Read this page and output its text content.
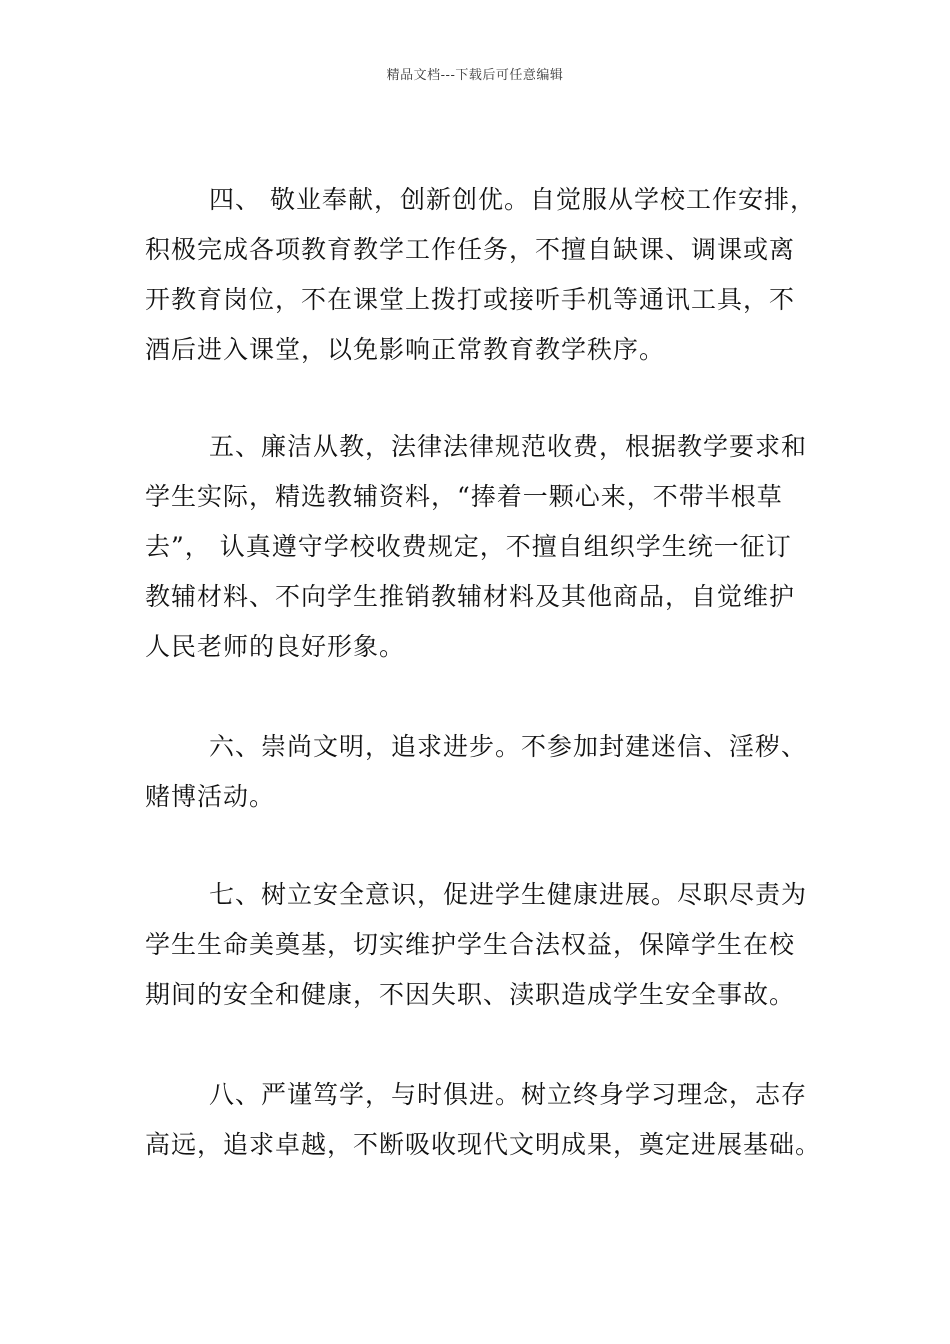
精品文档---下载后可任意编辑
四、 敬业奉献，创新创优。自觉服从学校工作安排，
积极完成各项教育教学工作任务，不擅自缺课、调课或离
开教育岗位，不在课堂上拨打或接听手机等通讯工具，不
酒后进入课堂，以免影响正常教育教学秩序。
五、廉洁从教，法律法律规范收费，根据教学要求和
学生实际，精选教辅资料，“捧着一颗心来，不带半根草
去”， 认真遵守学校收费规定，不擅自组织学生统一征订
教辅材料、不向学生推销教辅材料及其他商品，自觉维护
人民老师的良好形象。
六、崇尚文明，追求进步。不参加封建迷信、淫秽、
赌博活动。
七、树立安全意识，促进学生健康进展。尽职尽责为
学生生命美奠基，切实维护学生合法权益，保障学生在校
期间的安全和健康，不因失职、渎职造成学生安全事故。
八、严谨笃学，与时俱进。树立终身学习理念，志存
高远，追求卓越，不断吸收现代文明成果，奠定进展基础。
